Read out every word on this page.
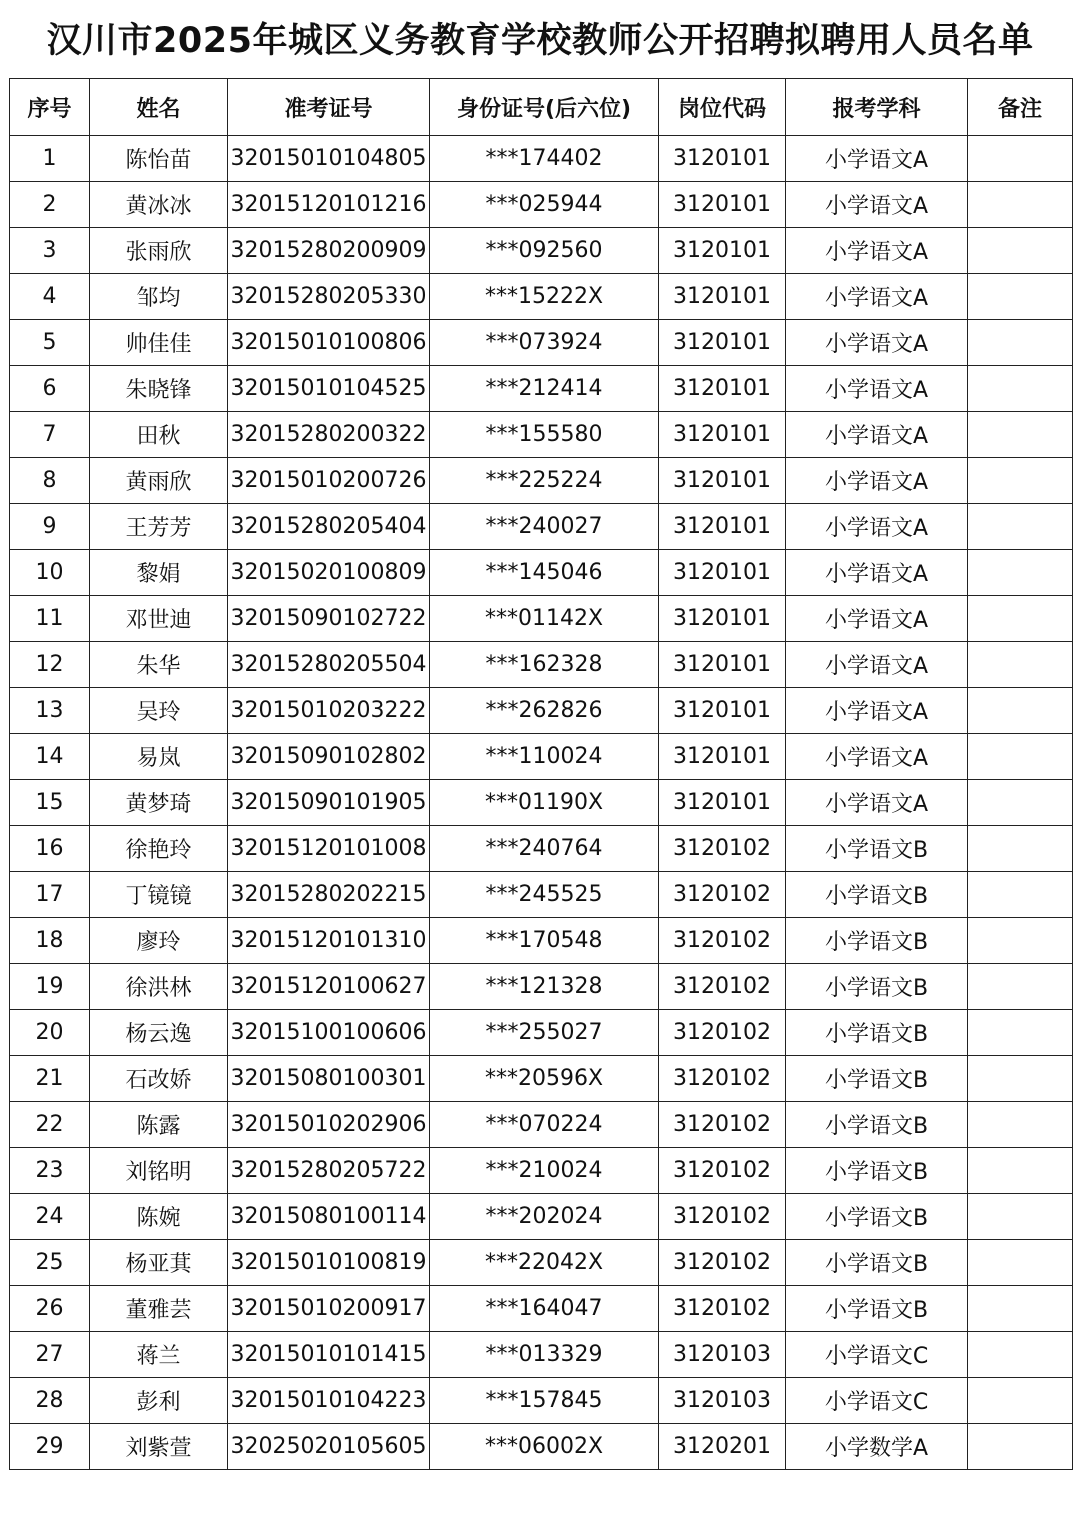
汉川市2025年城区义务教育学校教师公开招聘拟聘用人员名单
序号	姓名	准考证号	身份证号(后六位)	岗位代码	报考学科	备注
1	陈怡苗	32015010104805	***174402	3120101	小学语文A	
2	黄冰冰	32015120101216	***025944	3120101	小学语文A	
3	张雨欣	32015280200909	***092560	3120101	小学语文A	
4	邹均	32015280205330	***15222X	3120101	小学语文A	
5	帅佳佳	32015010100806	***073924	3120101	小学语文A	
6	朱晓锋	32015010104525	***212414	3120101	小学语文A	
7	田秋	32015280200322	***155580	3120101	小学语文A	
8	黄雨欣	32015010200726	***225224	3120101	小学语文A	
9	王芳芳	32015280205404	***240027	3120101	小学语文A	
10	黎娟	32015020100809	***145046	3120101	小学语文A	
11	邓世迪	32015090102722	***01142X	3120101	小学语文A	
12	朱华	32015280205504	***162328	3120101	小学语文A	
13	吴玲	32015010203222	***262826	3120101	小学语文A	
14	易岚	32015090102802	***110024	3120101	小学语文A	
15	黄梦琦	32015090101905	***01190X	3120101	小学语文A	
16	徐艳玲	32015120101008	***240764	3120102	小学语文B	
17	丁镜镜	32015280202215	***245525	3120102	小学语文B	
18	廖玲	32015120101310	***170548	3120102	小学语文B	
19	徐洪林	32015120100627	***121328	3120102	小学语文B	
20	杨云逸	32015100100606	***255027	3120102	小学语文B	
21	石改娇	32015080100301	***20596X	3120102	小学语文B	
22	陈露	32015010202906	***070224	3120102	小学语文B	
23	刘铭明	32015280205722	***210024	3120102	小学语文B	
24	陈婉	32015080100114	***202024	3120102	小学语文B	
25	杨亚萁	32015010100819	***22042X	3120102	小学语文B	
26	董雅芸	32015010200917	***164047	3120102	小学语文B	
27	蒋兰	32015010101415	***013329	3120103	小学语文C	
28	彭利	32015010104223	***157845	3120103	小学语文C	
29	刘紫萱	32025020105605	***06002X	3120201	小学数学A	
